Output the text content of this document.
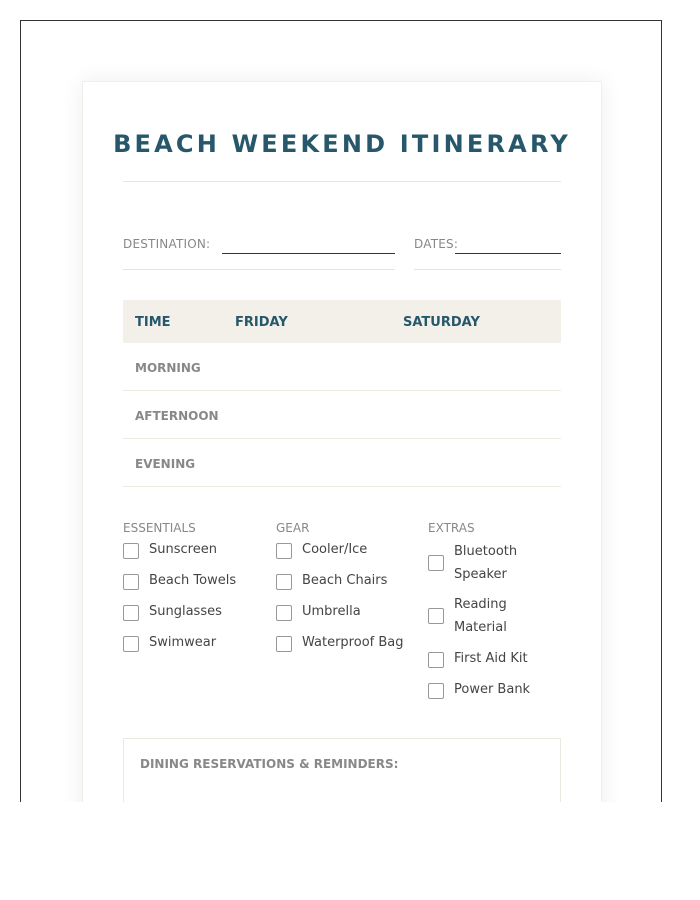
BEACH WEEKEND ITINERARY
DESTINATION:	DATES:
TIME	FRIDAY	SATURDAY
MORNING
AFTERNOON
EVENING
ESSENTIALS
Sunscreen
Beach Towels
Sunglasses
Swimwear
GEAR
Cooler/Ice
Beach Chairs
Umbrella
Waterproof Bag
EXTRAS
Bluetooth Speaker
Reading Material
First Aid Kit
Power Bank
DINING RESERVATIONS & REMINDERS:
